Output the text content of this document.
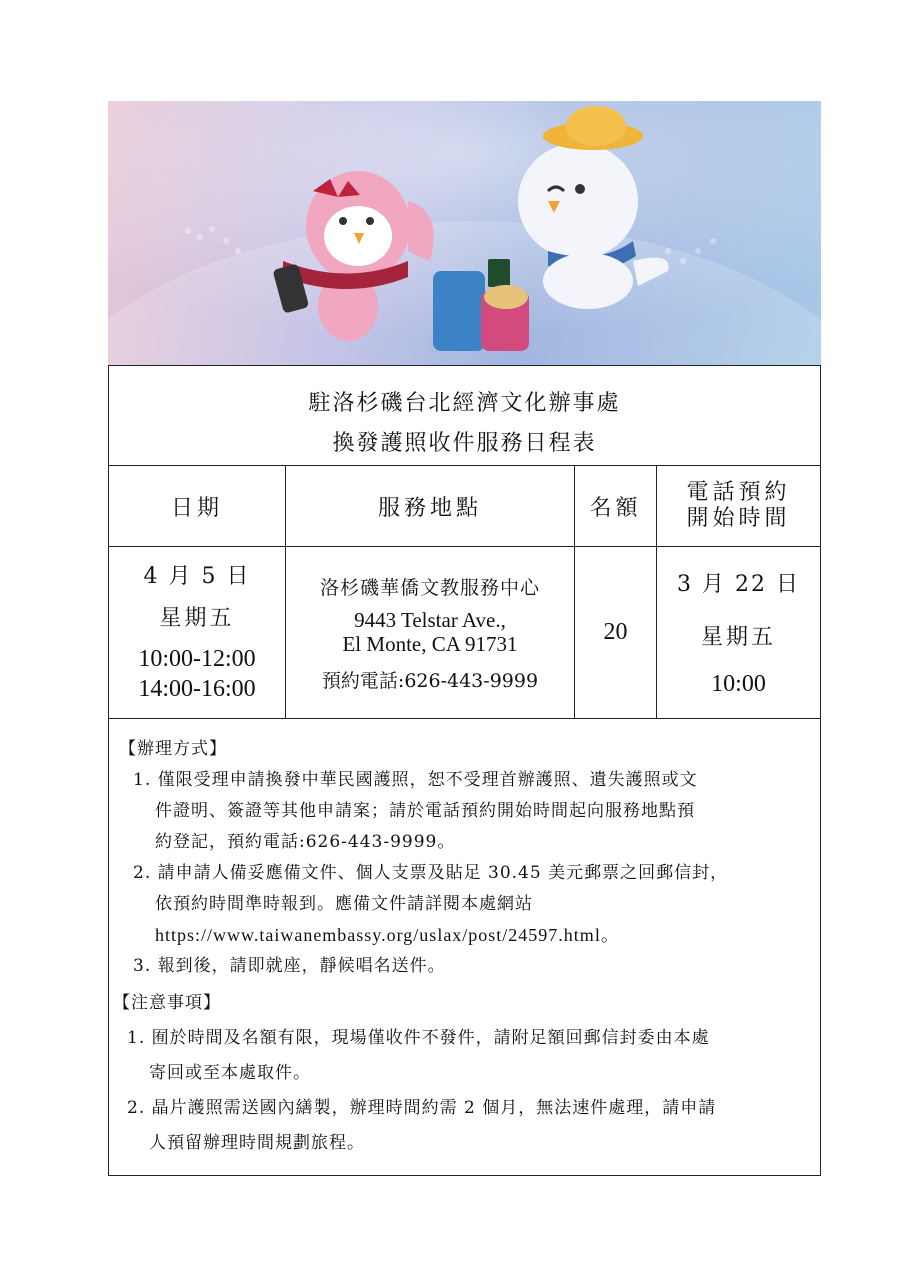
駐洛杉磯台北經濟文化辦事處
換發護照收件服務日程表
日期	服務地點	名額
電話預約
開始時間
4 月 5 日
星期五
10:00-12:00
14:00-16:00
洛杉磯華僑文教服務中心
9443 Telstar Ave.,
El Monte, CA 91731
預約電話:626-443-9999
20
3 月 22 日
星期五
10:00
【辦理方式】
1. 僅限受理申請換發中華民國護照，恕不受理首辦護照、遺失護照或文
件證明、簽證等其他申請案；請於電話預約開始時間起向服務地點預
約登記，預約電話:626-443-9999。
2. 請申請人備妥應備文件、個人支票及貼足 30.45 美元郵票之回郵信封，
依預約時間準時報到。應備文件請詳閱本處網站
https://www.taiwanembassy.org/uslax/post/24597.html。
3. 報到後，請即就座，靜候唱名送件。
【注意事項】
1. 囿於時間及名額有限，現場僅收件不發件，請附足額回郵信封委由本處
寄回或至本處取件。
2. 晶片護照需送國內繕製，辦理時間約需 2 個月，無法速件處理，請申請
人預留辦理時間規劃旅程。
